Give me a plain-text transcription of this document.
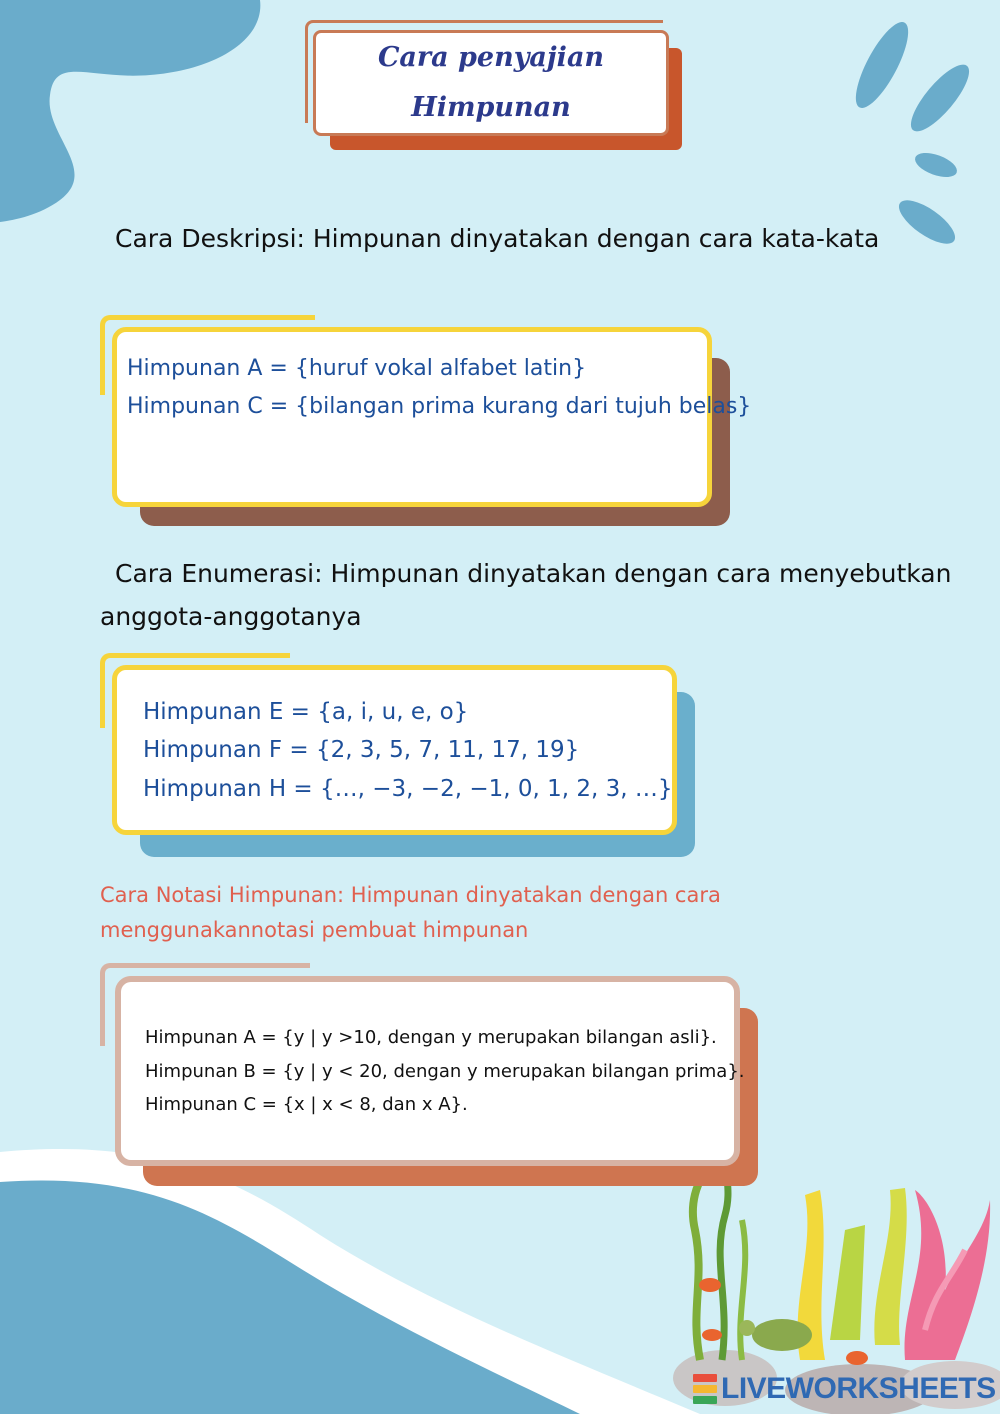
Cara penyajian
Himpunan
Cara Deskripsi: Himpunan dinyatakan dengan cara kata-kata
Himpunan A = {huruf vokal alfabet latin}
Himpunan C = {bilangan prima kurang dari tujuh belas}
Cara Enumerasi: Himpunan dinyatakan dengan cara menyebutkan
anggota-anggotanya
Himpunan E = {a, i, u, e, o}
Himpunan F = {2, 3, 5, 7, 11, 17, 19}
Himpunan H = {…, −3, −2, −1, 0, 1, 2, 3, …}
Cara Notasi Himpunan: Himpunan dinyatakan dengan cara
menggunakannotasi pembuat himpunan
Himpunan A = {y | y >10, dengan y merupakan bilangan asli}.
Himpunan B = {y | y < 20, dengan y merupakan bilangan prima}.
Himpunan C = {x | x < 8, dan x A}.
LIVEWORKSHEETS
